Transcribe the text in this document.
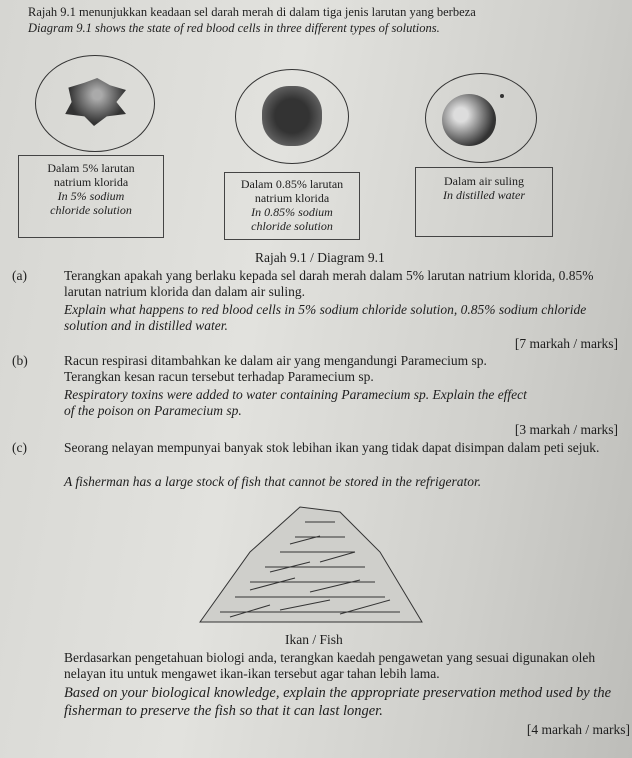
Rajah 9.1 menunjukkan keadaan sel darah merah di dalam tiga jenis larutan yang berbeza
Diagram 9.1 shows the state of red blood cells in three different types of solutions.
Dalam 5% larutan
natrium klorida
In 5% sodium
chloride solution
Dalam 0.85% larutan
natrium klorida
In 0.85% sodium
chloride solution
Dalam air suling
In distilled water
Rajah 9.1 / Diagram 9.1
(a)	Terangkan apakah yang berlaku kepada sel darah merah dalam 5% larutan natrium klorida, 0.85% larutan natrium klorida dan dalam air suling.
Explain what happens to red blood cells in 5% sodium chloride solution, 0.85% sodium chloride solution and in distilled water.
[7 markah / marks]
(b)	Racun respirasi ditambahkan ke dalam air yang mengandungi Paramecium sp. Terangkan kesan racun tersebut terhadap Paramecium sp.
Respiratory toxins were added to water containing Paramecium sp. Explain the effect of the poison on Paramecium sp.
[3 markah / marks]
(c)	Seorang nelayan mempunyai banyak stok lebihan ikan yang tidak dapat disimpan dalam peti sejuk.
A fisherman has a large stock of fish that cannot be stored in the refrigerator.
Ikan / Fish
Berdasarkan pengetahuan biologi anda, terangkan kaedah pengawetan yang sesuai digunakan oleh nelayan itu untuk mengawet ikan-ikan tersebut agar tahan lebih lama.
Based on your biological knowledge, explain the appropriate preservation method used by the fisherman to preserve the fish so that it can last longer.
[4 markah / marks]
